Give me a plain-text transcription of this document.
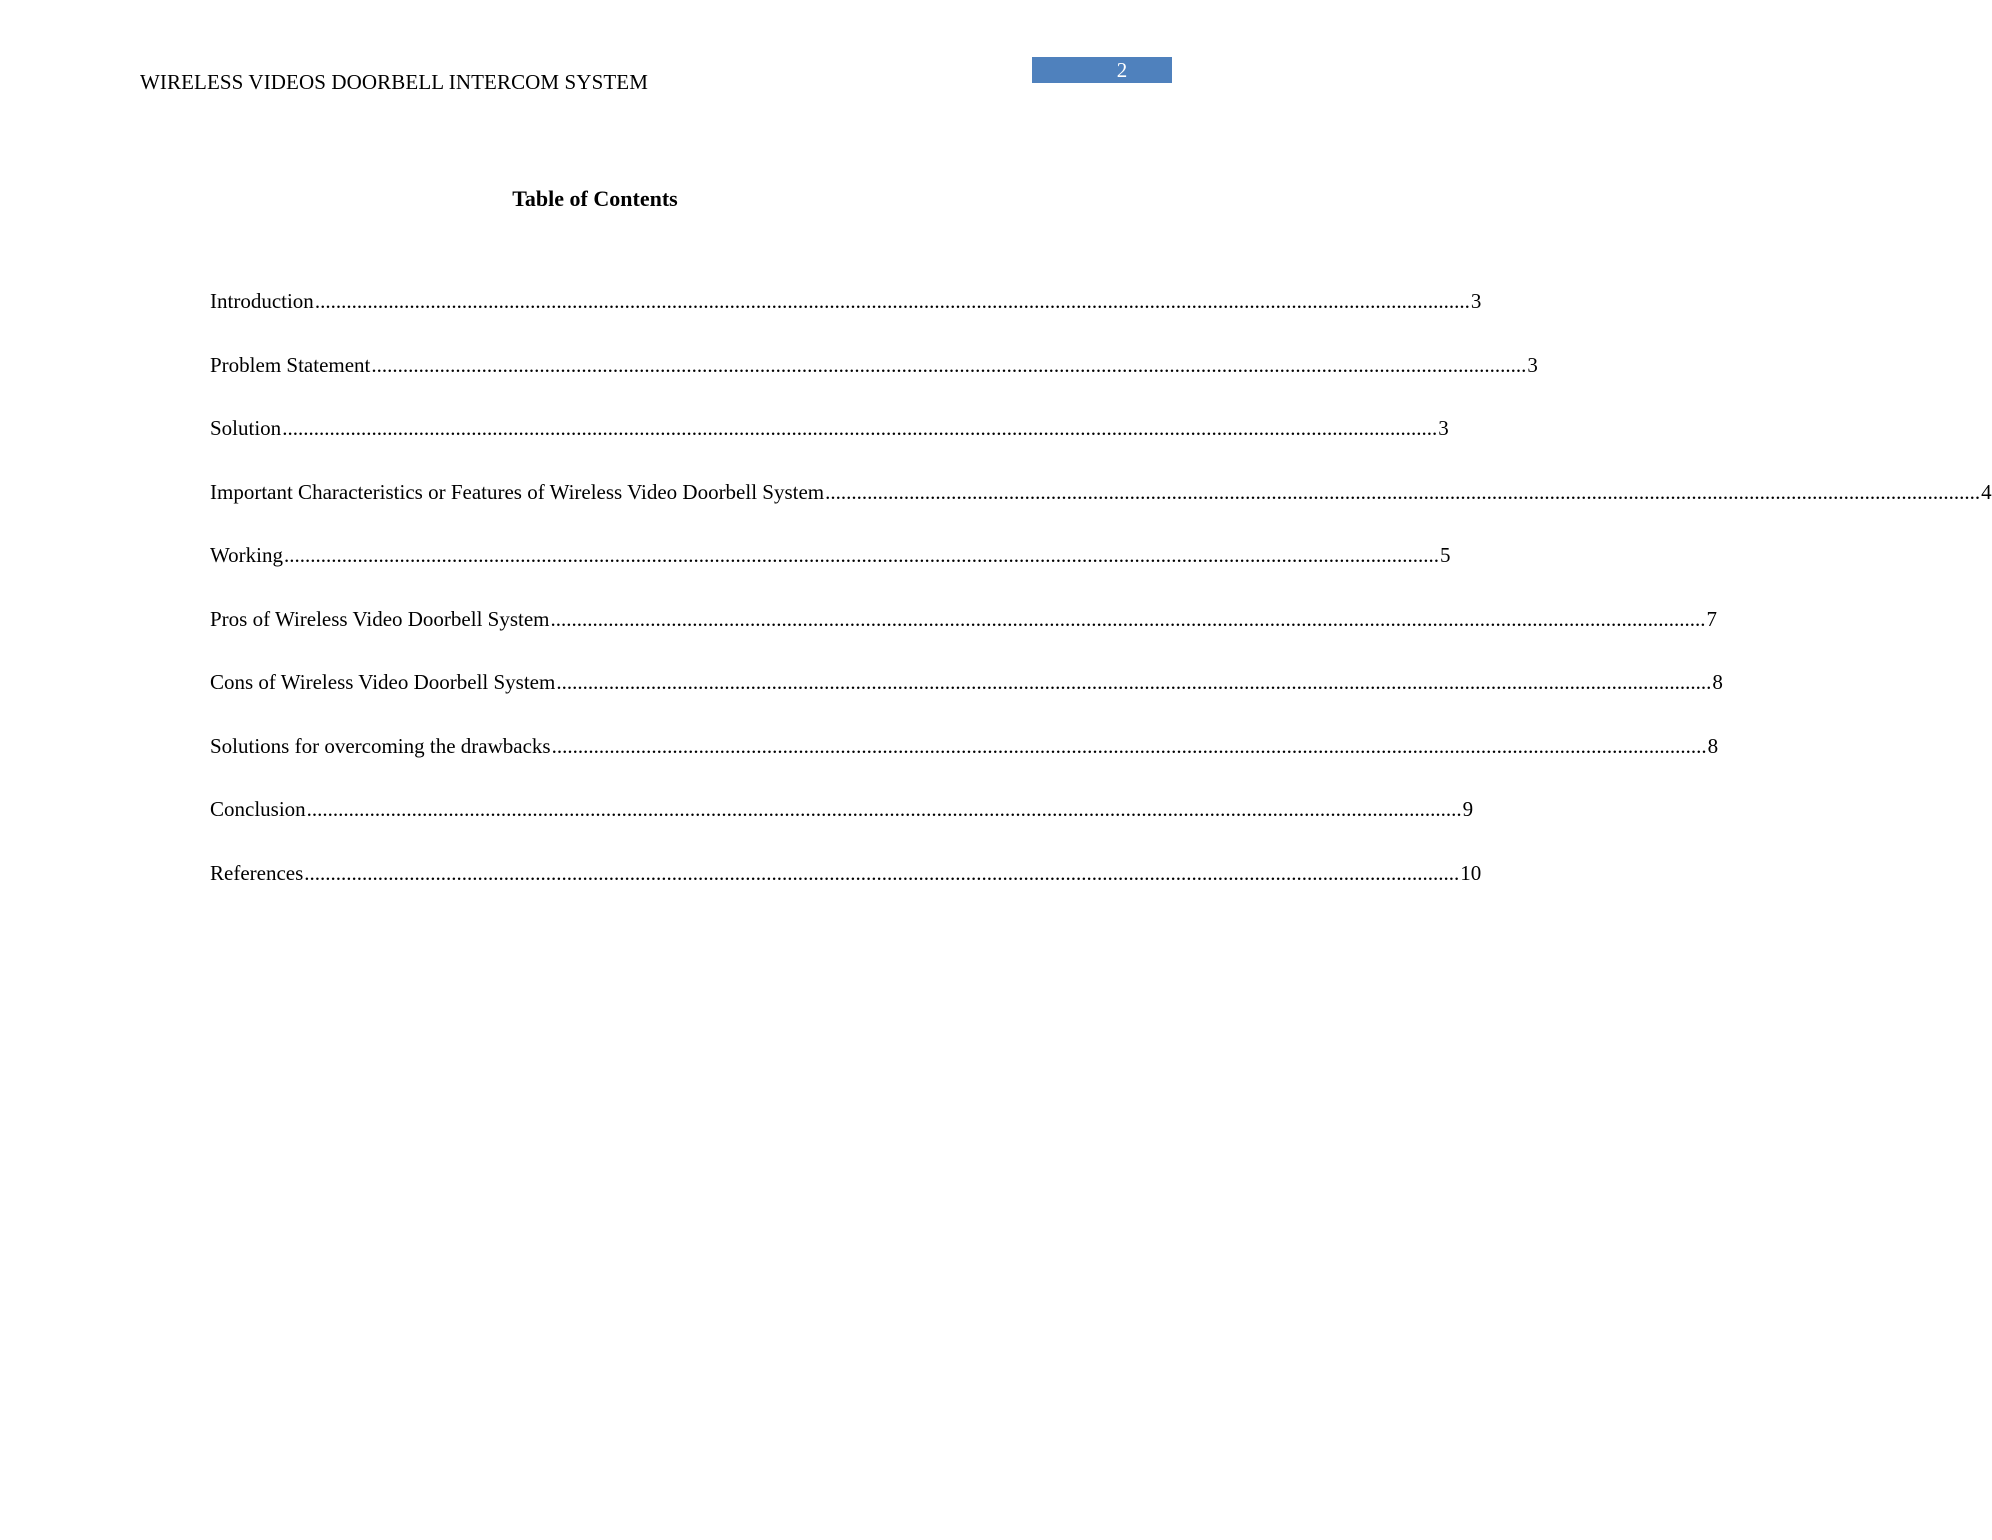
WIRELESS VIDEOS DOORBELL INTERCOM SYSTEM	2
Table of Contents
Introduction ............................................................................................................................................................................................................................ 3
Problem Statement ............................................................................................................................................................................................................................ 3
Solution ............................................................................................................................................................................................................................ 3
Important Characteristics or Features of Wireless Video Doorbell System ............................................................................................................................................................................................................................ 4
Working ............................................................................................................................................................................................................................ 5
Pros of Wireless Video Doorbell System ............................................................................................................................................................................................................................ 7
Cons of Wireless Video Doorbell System ............................................................................................................................................................................................................................ 8
Solutions for overcoming the drawbacks ............................................................................................................................................................................................................................ 8
Conclusion ............................................................................................................................................................................................................................ 9
References ............................................................................................................................................................................................................................ 10
